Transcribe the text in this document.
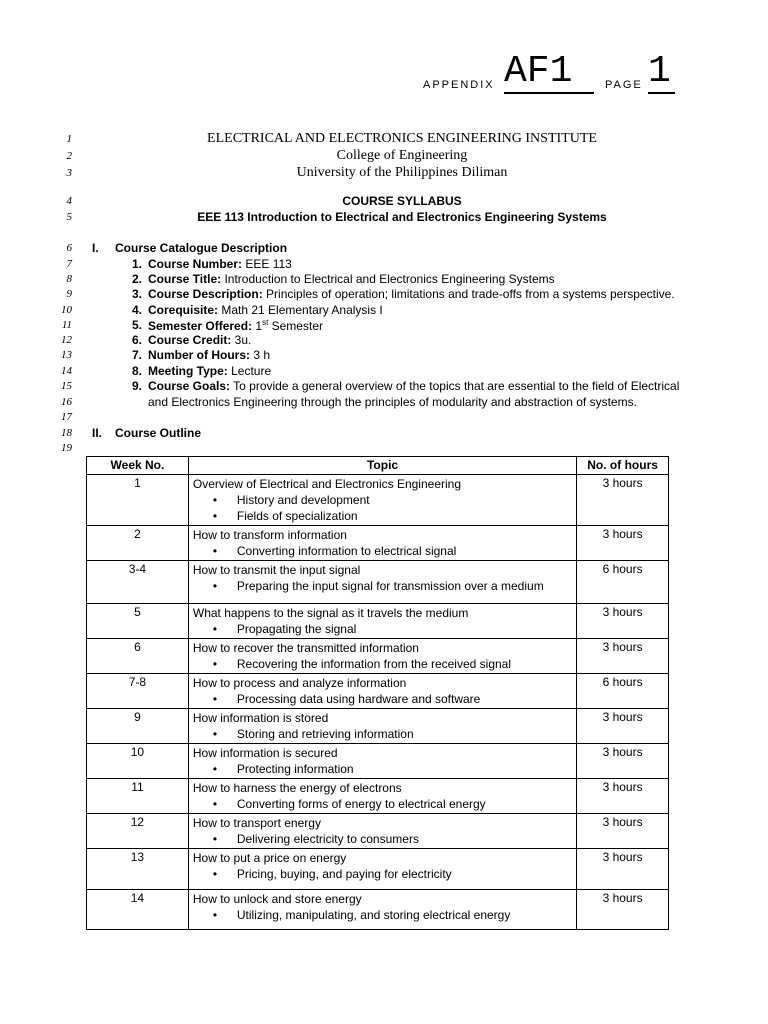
APPENDIX AF1	PAGE 1
1
2
3
4
5
6
7
8
9
10
11
12
13
14
15
16
17
18
19
ELECTRICAL AND ELECTRONICS ENGINEERING INSTITUTE
College of Engineering
University of the Philippines Diliman
COURSE SYLLABUS
EEE 113 Introduction to Electrical and Electronics Engineering Systems
I. Course Catalogue Description
1. Course Number: EEE 113
2. Course Title: Introduction to Electrical and Electronics Engineering Systems
3. Course Description: Principles of operation; limitations and trade-offs from a systems perspective.
4. Corequisite: Math 21 Elementary Analysis I
5. Semester Offered: 1st Semester
6. Course Credit: 3u.
7. Number of Hours: 3 h
8. Meeting Type: Lecture
9. Course Goals: To provide a general overview of the topics that are essential to the field of Electrical
and Electronics Engineering through the principles of modularity and abstraction of systems.
II. Course Outline
Week No.	Topic	No. of hours
1	Overview of Electrical and Electronics Engineering
• History and development
• Fields of specialization	3 hours
2	How to transform information
• Converting information to electrical signal	3 hours
3-4	How to transmit the input signal
• Preparing the input signal for transmission over a medium	6 hours
5	What happens to the signal as it travels the medium
• Propagating the signal	3 hours
6	How to recover the transmitted information
• Recovering the information from the received signal	3 hours
7-8	How to process and analyze information
• Processing data using hardware and software	6 hours
9	How information is stored
• Storing and retrieving information	3 hours
10	How information is secured
• Protecting information	3 hours
11	How to harness the energy of electrons
• Converting forms of energy to electrical energy	3 hours
12	How to transport energy
• Delivering electricity to consumers	3 hours
13	How to put a price on energy
• Pricing, buying, and paying for electricity	3 hours
14	How to unlock and store energy
• Utilizing, manipulating, and storing electrical energy	3 hours
